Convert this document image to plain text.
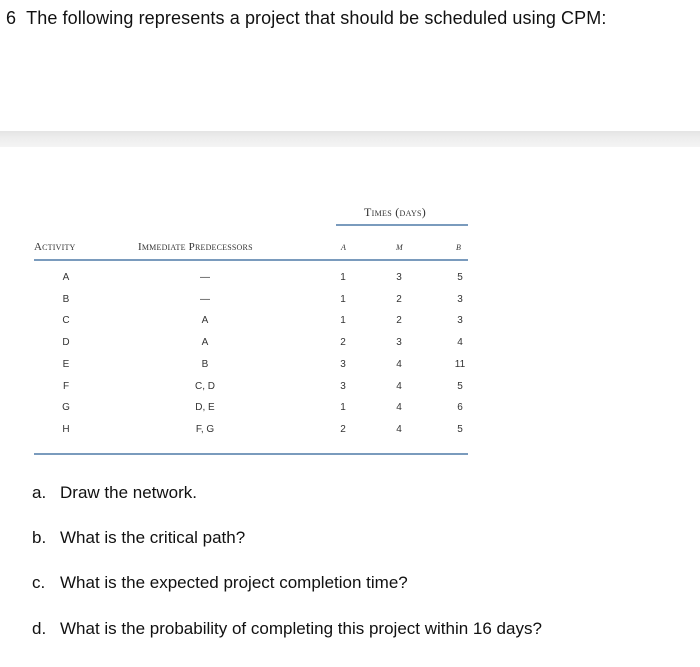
6 The following represents a project that should be scheduled using CPM:
Times (days)
Activity	Immediate Predecessors	a	m	b
A	—	1	3	5
B	—	1	2	3
C	A	1	2	3
D	A	2	3	4
E	B	3	4	11
F	C, D	3	4	5
G	D, E	1	4	6
H	F, G	2	4	5
a. Draw the network.
b. What is the critical path?
c. What is the expected project completion time?
d. What is the probability of completing this project within 16 days?
